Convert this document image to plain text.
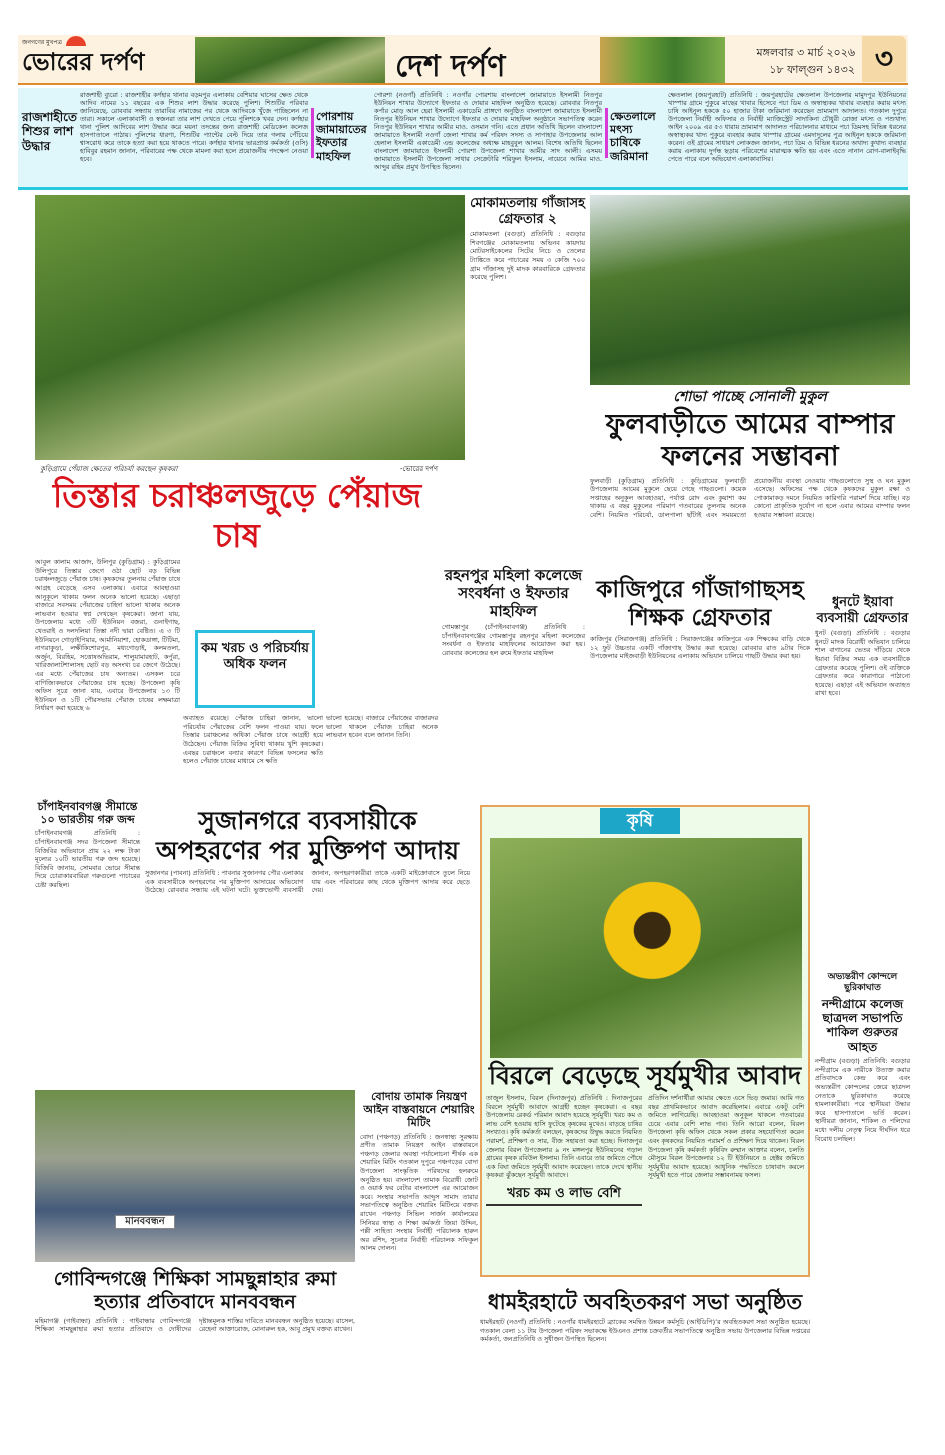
জনগণের মুখপত্র
ভোরের দর্পণ	দেশ দর্পণ	মঙ্গলবার ৩ মার্চ ২০২৬
১৮ ফাল্গুন ১৪৩২ ৩
রাজশাহীতে শিশুর লাশ উদ্ধার
রাজশাহী ব্যুরো : রাজশাহীর কর্ণহার থানার বড়মপুর এলাকায় বেশিয়ার ঘাসের ক্ষেত থেকে আদিব নামের ১১ বছরের এক শিশুর লাশ উদ্ধার করেছে পুলিশ। শিশুটির পরিবার জানিয়েছে, রোববার সন্ধ্যায় তারাবির নামাজের পর থেকে আদিবকে খুঁজে পাচ্ছিলেন না তারা। সকালে এলাকাবাসী ও স্বজনরা তার লাশ দেখতে পেয়ে পুলিশকে খবর দেন। কর্ণহার থানা পুলিশ আদিবের লাশ উদ্ধার করে ময়না তদন্তের জন্য রাজশাহী মেডিকেল কলেজ হাসপাতালে পাঠায়। পুলিশের ধারণা, শিশুটির প্যান্টের বেল্ট দিয়ে তার গলায় পেঁচিয়ে শ্বাসরোধ করে তাকে হত্যা করা হয়ে থাকতে পারে। কর্ণহার থানার ভারপ্রাপ্ত কর্মকর্তা (ওসি) হাবিবুর রহমান জানান, পরিবারের পক্ষ থেকে মামলা করা হলে প্রয়োজনীয় পদক্ষেপ নেওয়া হবে।
পোরশায় জামায়াতের ইফতার মাহফিল
পোরশা (নওগাঁ) প্রতিনিধি : নওগাঁর পোরশায় বাংলাদেশ জামায়াতে ইসলামী নিতপুর ইউনিয়ন শাখার উদ্যোগে ইফতার ও দোয়ার মাহফিল অনুষ্ঠিত হয়েছে। রোববার নিতপুর কর্পার মোড় আল হেরা ইসলামী একাডেমি প্রাঙ্গণে অনুষ্ঠিত বাংলাদেশ জামায়াতে ইসলামী নিতপুর ইউনিয়ন শাখার উদ্যোগে ইফতার ও দোয়ার মাহফিল অনুষ্ঠানে সভাপতিত্ব করেন নিতপুর ইউনিয়ন শাখার আমীর মাও. ওসমান গনি। এতে প্রধান অতিথি ছিলেন বাংলাদেশ জামায়াতে ইসলামী নওগাঁ জেলা শাখার কর্ম পরিষদ সদস্য ও সাপাহার উপজেলার আল হেলাল ইসলামী একাডেমী এন্ড কলেজের অধ্যক্ষ মাহবুবুল আলম। বিশেষ অতিথি ছিলেন বাংলাদেশ জামায়াতে ইসলামী পোরশা উপজেলা শাখার আমীর সাদ আলী। এসময় জামায়াতে ইসলামী উপজেলা সাধার সেক্রেটারি শরিফুল ইসলাম, নায়েবে আমির মাও. আব্দুর রহিম প্রমুখ উপস্থিত ছিলেন।
ক্ষেতলালে মৎস্য চাষিকে জরিমানা
ক্ষেতলাল (জয়পুরহাট) প্রতিনিধি : জয়পুরহাটের ক্ষেতলাল উপজেলার মামুদপুর ইউনিয়নের খাস্পার গ্রামে পুকুরে মাছের খাবার হিসেবে পচা ডিম ও অস্বাস্থ্যকর খাবার ব্যবহার করায় মৎস্য চাষি আইনুল হককে ৫০ হাজার টাকা জরিমানা করেছেন ভ্রাম্যমাণ আদালত। গতকাল দুপুরে উপজেলা নির্বাহী অফিসার ও নির্বাহী ম্যাজিস্ট্রেট সাদাকিনা চৌধুরী রোজা মৎস্য ও পশুখাদ্য আইন ২০০৯ এর ৫৩ ধারায় ভ্রাম্যমাণ আদালত পরিচালনার মাধ্যমে পচা ডিমসহ বিভিন্ন ধরনের অস্বাস্থ্যকর খাদ্য পুকুরে ব্যবহার করায় খাস্পার গ্রামের এমদাদুলের পুত্র আইনুল হককে জরিমানা করেন। ওই গ্রামের সাধারণ লোকজন জানান, পচা ডিম ও বিভিন্ন ধরনের অখাদ্য কুখাদ্য ব্যবহার করায় এলাকায় দুর্গন্ধ ছড়ায় পরিবেশের মারাত্মক ক্ষতি হয় এবং এতে নানান রোগ-বালাইবৃদ্ধি পেতে পারে বলে অভিযোগ এলাকাবাসির।
কুড়িগ্রামে পেঁয়াজ ক্ষেতের পরিচর্যা করছেন কৃষকরা	-ভোরের দর্পণ
তিস্তার চরাঞ্চলজুড়ে পেঁয়াজ চাষ
আবুল কালাম আজাদ, উলিপুর (কুড়িগ্রাম) : কুড়িগ্রামের উলিপুরে তিস্তার জেগে ওঠা ছোট বড় বিভিন্ন চরাঞ্চলজুড়ে পেঁয়াজ চাষ। কৃষকদের তুলনায় পেঁয়াজ চাষে আগ্রহ বেড়েছে এসব এলাকায়। এবারে আবহাওয়া আনুকূলে থাকায় ফলন অনেক ভালো হয়েছে। এছাড়া বাজারে সবসময় পেঁয়াজের চাহিদা ভালো থাকায় অনেক লাভবান হওয়ার স্বপ্ন দেখছেন কৃষকেরা। জানা যায়, উপজেলায় মধ্যে ৩টি ইউনিয়ন বজরা, গুনাইগাছ, থেতরাই ও দলদলিয়া তিস্তা নদী দ্বারা বেষ্টিত। এ ৩ টি ইউনিয়নে গোড়াইপিয়ার, আর্মানিয়াশা, হোকডাঙ্গা, টিটিমা, নাগরাকুড়া, লক্ষীকিশোরপুর, মধ্যগোড়াই, কলমতলা, অর্জুন, বিরহিম, সত্তোষঅভিরাম, শালুয়ামারহাট, কর্পুরা, খারিজালাটশালাসহ ছোট বড় অসংখ্য চর জেগে উঠেছে। এর মধ্যে পেঁয়াজের চাষ অন্যতম। এসকল চরে বাণিজ্যিকভাবে পেঁয়াজের চাষ হচ্ছে। উপজেলা কৃষি অফিস সূত্রে জানা যায়, এবারে উপজেলায় ১৩ টি ইউনিয়ন ও ১টি পৌরসভায় পেঁয়াজ চাষের লক্ষমাত্রা নির্ধারণ করা হয়েছে ৬
কম খরচ ও পরিচর্যায় অধিক ফলন
অব্যাহত রয়েছে। পেঁয়াজ চাহিরা জানান, ভালো পরিচর্যায় পেঁয়াজের বেশি ফলন পাওয়া যায়। ফলে তিস্তার চরাঞ্চলের অধিকা পেঁয়াজ চাষে আগ্রহী হয়ে উঠেছেন। পেঁয়াজ বিক্রির সুবিধা থাকায় খুশি কৃষকেরা। এবছর চরাঞ্চলে বন্যার কারণে বিভিন্ন ফসলের ক্ষতি হলেও পেঁয়াজ চাষের মাধ্যমে সে ক্ষতি
ভালো হয়েছে। বাজারে পেঁয়াজের বাজারদর ভালো থাকলে পেঁয়াজ চাহিরা অনেক লাভবান হবেন বলে জানান তিনি।
মোকামতলায় গাঁজাসহ গ্রেফতার ২
মোকামতলা (বগুড়া) প্রতিনিধি : বগুড়ার শিবগঞ্জের মোকামতলায় অভিনব কায়দায় মোটরসাইকেলের সিটের নিচে ও তেলের ট্যাঙ্কিতে করে পাচারের সময় ৩ কেজি ৭০০ গ্রাম গাঁজাসহ দুই মাদক কারবারিকে গ্রেফতার করেছে পুলিশ।
শোভা পাচ্ছে সোনালী মুকুল
ফুলবাড়ীতে আমের বাম্পার ফলনের সম্ভাবনা
ফুলবাড়ী (কুড়িগ্রাম) প্রতিনিধি : কুড়িগ্রামের ফুলবাড়ী উপজেলায় আমের মুকুলে ছেয়ে গেছে গাছগুলো। কয়েক সপ্তাহের অনুকূল আবহাওয়া, পর্যাপ্ত রোদ এবং কুয়াশা কম থাকায় এ বছর মুকুলের পরিমাণ গতবারের তুলনায় অনেক বেশি। নিয়মিত পরিচর্যা, ডালপালা ছাঁটাই এবং সময়মতো প্রয়োজনীয় ব্যবস্থা নেওয়ায় গাছগুলোতে সুস্থ ও ঘন মুকুল এসেছে। অফিসের পক্ষ থেকে কৃষকদের মুকুল রক্ষা ও পোকামাকড় দমনে নিয়মিত কারিগরি পরামর্শ দিয়ে যাচ্ছি। বড় কোনো প্রাকৃতিক দুর্যোগ না হলে এবার আমের বাম্পার ফলন হওয়ার সম্ভাবনা রয়েছে।
রহনপুর মহিলা কলেজে সংবর্ধনা ও ইফতার মাহফিল
গোমস্তাপুর (চাঁপাইনবাবগঞ্জ) প্রতিনিধি : চাঁপাইনবাবগঞ্জের গোমস্তাপুর রহনপুর মহিলা কলেজের সংবর্ধনা ও ইফতার মাহফিলের আয়োজন করা হয়। রোববার কলেজের হল রুমে ইফতার মাহফিল
কাজিপুরে গাঁজাগাছসহ শিক্ষক গ্রেফতার
কাজিপুর (সিরাজগঞ্জ) প্রতিনিধি : সিরাজগঞ্জের কাজিপুরে এক শিক্ষকের বাড়ি থেকে ১২ ফুট উচ্চতার একটি গাঁজাগাছ উদ্ধার করা হয়েছে। রোববার রাত ৯টার দিকে উপজেলার মাইজবাড়ী ইউনিয়নের এলাকায় অভিযান চালিয়ে গাছটি উদ্ধার করা হয়।
ধুনটে ইয়াবা ব্যবসায়ী গ্রেফতার
ধুনট (বগুড়া) প্রতিনিধি : বগুড়ার ধুনটে মাদক বিরোধী অভিযান চালিয়ে শাল বাগানের ভেতর দাঁড়িয়ে থেকে ইয়াবা বিক্রির সময় এক ব্যবসায়ীকে গ্রেফতার করেছে পুলিশ। ওই ব্যক্তিকে গ্রেফতার করে কারাগারে পাঠানো হয়েছে। এছাড়া এই অভিযান অব্যাহত রাখা হবে।
অভ্যন্তরীণ কোন্দলে ছুরিকাঘাত
নন্দীগ্রামে কলেজ ছাত্রদল সভাপতি শাকিল গুরুতর আহত
নন্দীগ্রাম (বগুড়া) প্রতিনিধি: বগুড়ার নন্দীগ্রামে এক নারীকে উত্যক্ত করার প্রতিবাদকে কেন্দ্র করে এবং অভ্যন্তরীণ কোন্দলের জেরে ছাত্রদল নেতাকে ছুরিকাঘাত করেছে হামলাকারীরা। পরে স্থানীয়রা উদ্ধার করে হাসপাতালে ভর্তি করেন। স্থানীয়রা জানান, শাকিল ও পলিদের মধ্যে দলীয় নেতৃত্ব নিয়ে দীর্ঘদিন ধরে বিরোধ চলছিল।
চাঁপাইনবাবগঞ্জ সীমান্তে ১০ ভারতীয় গরু জব্দ
চাঁপাইনবাবগঞ্জ প্রতিনিধি : চাঁপাইনবাবগঞ্জ সদর উপজেলা সীমান্তে বিজিবির অভিযানে প্রায় ২২ লক্ষ টাকা মূল্যের ১০টি ভারতীয় গরু জব্দ হয়েছে। বিজিবি জানায়, সোমবার ভোরে সীমান্ত দিয়ে চোরাকারবারিরা গরুগুলো পাচারের চেষ্টা করছিল।
সুজানগরে ব্যবসায়ীকে অপহরণের পর মুক্তিপণ আদায়
সুজানগর (পাবনা) প্রতিনিধি : পাবনার সুজানগর পৌর এলাকার এক ব্যবসায়ীকে অপহরণের পর মুক্তিপণ আদায়ের অভিযোগ উঠেছে। রোববার সন্ধ্যায় এই ঘটনা ঘটে। ভুক্তভোগী ব্যবসায়ী জানান, অপহরণকারীরা তাকে একটি মাইক্রোবাসে তুলে নিয়ে যায় এবং পরিবারের কাছ থেকে মুক্তিপণ আদায় করে ছেড়ে দেয়।
কৃষি
বিরলে বেড়েছে সূর্যমুখীর আবাদ
তাজুল ইসলাম, বিরল (দিনাজপুর) প্রতিনিধি : দিনাজপুরের বিরলে সূর্যমুখী আবাদে আগ্রহী হচ্ছেন কৃষকেরা। এ বছর উপজেলায় রেকর্ড পরিমান আবাদ হয়েছে সূর্যমুখী। খরচ কম ও লাভ বেশি হওয়ায় হাসি ফুটেছে কৃষকের মুখেও। বাড়ছে চাষির সংখ্যাও। কৃষি কর্মকর্তা বলছেন, কৃষকদের উদ্বুদ্ধ করতে নিয়মিত পরামর্শ, প্রশিক্ষণ ও সার, বীজ সহায়তা করা হচ্ছে। দিনাজপুর জেলার বিরল উপজেলার ৯ নং মঙ্গলপুর ইউনিয়নের গড়াল গ্রামের কৃষক রবিউল ইসলাম। তিনি এবারে তার জমিতে পৌষে এক বিঘা জমিতে সূর্যমুখী আবাদ করেছেন। তাকে দেখে স্থানীয় কৃষকরা ঝুঁকছেন সূর্যমুখী আবাদে।
খরচ কম ও লাভ বেশি
প্রতিদিন দর্শনার্থীরা আমার ক্ষেতে এসে ভিড় জমায়। আমি গত বছর প্রাথমিকভাবে আবাদ করেছিলাম। এবারে একটু বেশি জমিতে লাগিয়েছি। আবহাওয়া অনুকূল থাকলে গতবারের চেয়ে এবার বেশি লাভ পাব। তিনি আরো বলেন, বিরল উপজেলা কৃষি অফিস থেকে সকল প্রকার সহযোগিতা করেন এবং কৃষকদের নিয়মিত পরামর্শ ও প্রশিক্ষণ দিয়ে থাকেন। বিরল উপজেলা কৃষি কর্মকর্তা কৃষিবিদ রুম্মান আক্তার বলেন, চলতি মৌসুমে বিরল উপজেলার ১২ টি ইউনিয়নে ৪ হেক্টর জমিতে সূর্যমুখীর আবাদ হয়েছে। আধুনিক পদ্ধতিতে চাষাবাদ করলে সূর্যমুখী হতে পারে জেলার সম্ভাবনাময় ফসল।
মানববন্ধন
বোদায় তামাক নিয়ন্ত্রণ আইন বাস্তবায়নে শেয়ারিং মিটিং
বোদা (পঞ্চগড়) প্রতিনিধি : জনস্বাস্থ্য সুরক্ষায় প্রণীত তামাক নিয়ন্ত্রণ আইন বাস্তবায়নে পঞ্চগড় জেলার অবস্থা পর্যালোচনা শীর্ষক এক শেয়ারিং মিটিং গতকাল দুপুরে পঞ্চগড়ের বোদা উপজেলা সাংস্কৃতিক পরিষদের হলরুমে অনুষ্ঠিত হয়। বাংলাদেশ তামাক বিরোধী জোট ও ওয়ার্ক ফর বেটার বাংলাদেশ এর আয়োজন করে। সংস্থার সভাপতি আব্দুস সামাদ তারার সভাপতিত্বে অনুষ্ঠিত শেয়ারিং মিটিংয়ে বক্তব্য রাখেন পঞ্চগড় সিভিল সার্জন কার্যালয়ের সিনিয়র স্বাস্থ্য ও শিক্ষা কর্মকর্তা জিয়া উদ্দিন, পল্লী সাহিত্য সংস্থার নির্বাহী পরিচালক হারুন অর রশিদ, সুচনার নির্বাহী পরিচালক সফিকুল আলম দোলন।
গোবিন্দগঞ্জে শিক্ষিকা সামছুন্নাহার রুমা হত্যার প্রতিবাদে মানববন্ধন
মহিমাগঞ্জ (গাইবান্ধা) প্রতিনিধি : গাইবান্ধার গোবিন্দগঞ্জে শিক্ষিকা সামছুন্নাহার রুমা হত্যার প্রতিবাদে ও দোষীদের দৃষ্টান্তমূলক শাস্তির দাবিতে মানববন্ধন অনুষ্ঠিত হয়েছে। রাসেল, রেহেনা আক্তারোজ, মোনারুল হক, আবু প্রমুখ বক্তব্য রাখেন।
ধামইরহাটে অবহিতকরণ সভা অনুষ্ঠিত
ধামইরহাট (নওগাঁ) প্রতিনিধি : নওগাঁর ধামইরহাটে ব্র্যাকের সমন্বিত উন্নয়ন কর্মসূচি (আইডিপি)’র অবহিতকরণ সভা অনুষ্ঠিত হয়েছে। গতকাল বেলা ১১ টায় উপজেলা পরিষদ সভাকক্ষে ইউএনও প্রশান্ত চক্রবর্তীর সভাপতিত্বে অনুষ্ঠিত সভায় উপজেলার বিভিন্ন দপ্তরের কর্মকর্তা, জনপ্রতিনিধি ও সুধীজন উপস্থিত ছিলেন।
